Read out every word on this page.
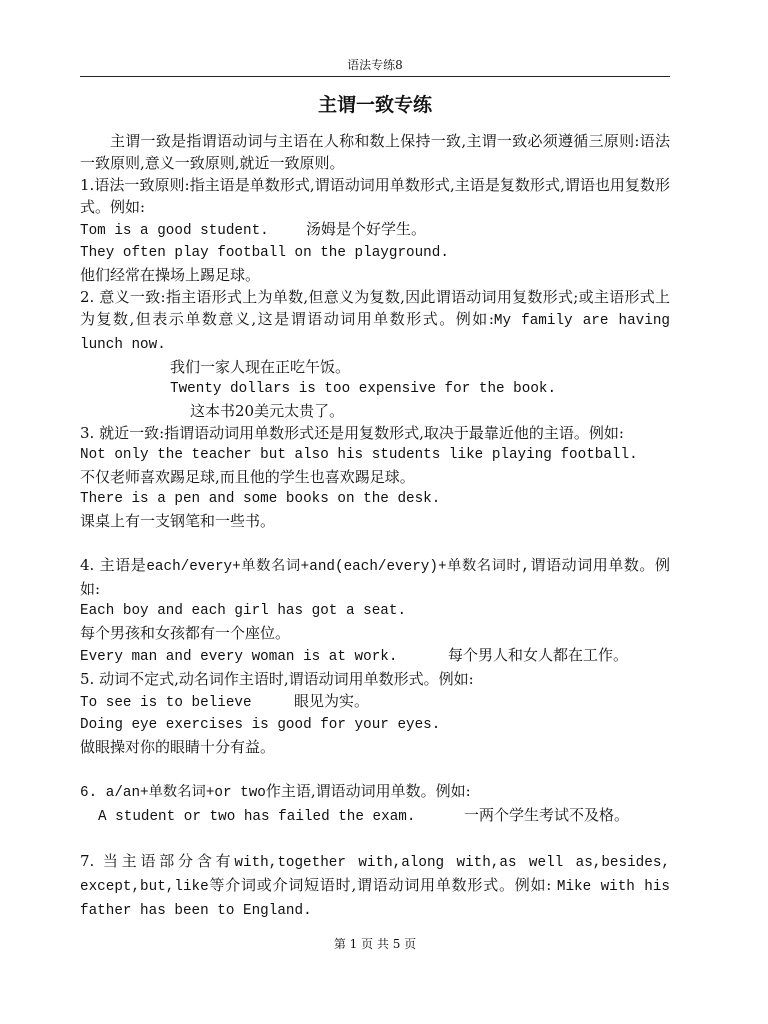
语法专练8
主谓一致专练

主谓一致是指谓语动词与主语在人称和数上保持一致,主谓一致必须遵循三原则:语法一致原则,意义一致原则,就近一致原则。

1.语法一致原则:指主语是单数形式,谓语动词用单数形式,主语是复数形式,谓语也用复数形式。例如:

Tom is a good student. 汤姆是个好学生。

They often play football on the playground.

他们经常在操场上踢足球。

2. 意义一致:指主语形式上为单数,但意义为复数,因此谓语动词用复数形式;或主语形式上为复数,但表示单数意义,这是谓语动词用单数形式。例如:My family are having lunch now.

我们一家人现在正吃午饭。

Twenty dollars is too expensive for the book.

这本书20美元太贵了。

3. 就近一致:指谓语动词用单数形式还是用复数形式,取决于最靠近他的主语。例如:

Not only the teacher but also his students like playing football.

不仅老师喜欢踢足球,而且他的学生也喜欢踢足球。

There is a pen and some books on the desk.

课桌上有一支钢笔和一些书。

4. 主语是each/every+单数名词+and(each/every)+单数名词时,谓语动词用单数。例如:

Each boy and each girl has got a seat.

每个男孩和女孩都有一个座位。

Every man and every woman is at work.	每个男人和女人都在工作。

5. 动词不定式,动名词作主语时,谓语动词用单数形式。例如:

To see is to believe	眼见为实。

Doing eye exercises is good for your eyes.

做眼操对你的眼睛十分有益。

6. a/an+单数名词+or two作主语,谓语动词用单数。例如:

A student or two has failed the exam.	一两个学生考试不及格。

7. 当主语部分含有with,together with,along with,as well as,besides, except,but,like等介词或介词短语时,谓语动词用单数形式。例如: Mike with his father has been to England.

第 1 页 共 5 页
